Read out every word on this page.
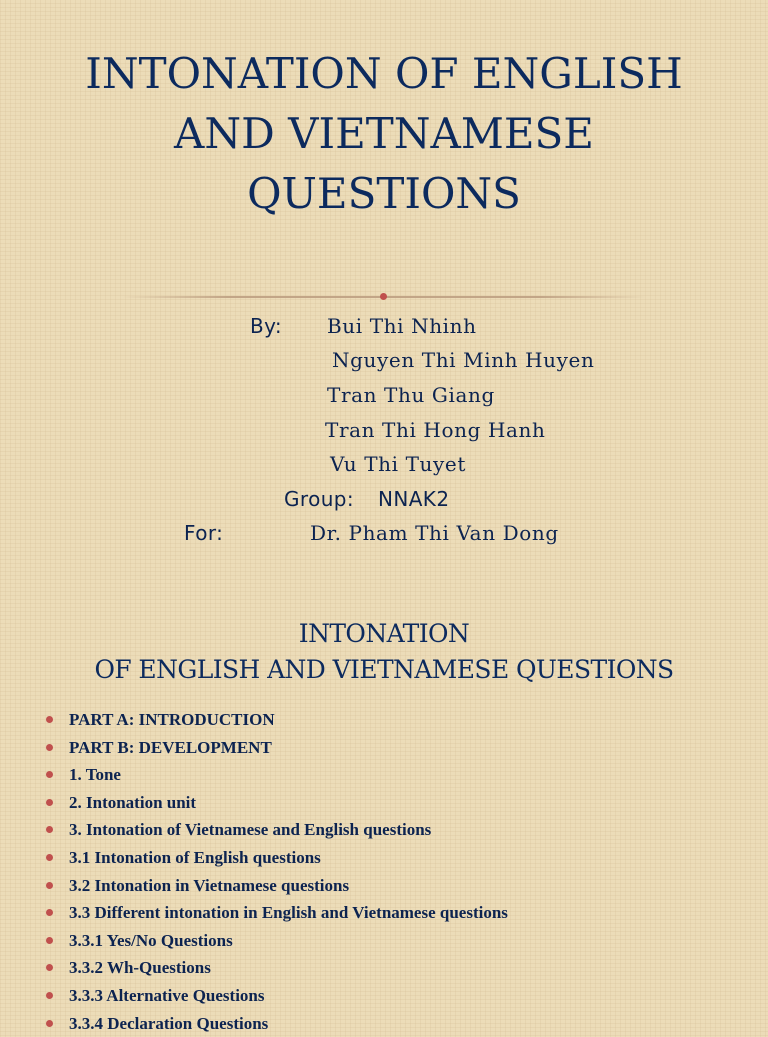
INTONATION OF ENGLISH
AND VIETNAMESE
QUESTIONS
By: Bui Thi Nhinh
Nguyen Thi Minh Huyen
Tran Thu Giang
Tran Thi Hong Hanh
Vu Thi Tuyet
Group: NNAK2
For:	Dr. Pham Thi Van Dong
INTONATION
OF ENGLISH AND VIETNAMESE QUESTIONS
PART A: INTRODUCTION
PART B: DEVELOPMENT
1. Tone
2. Intonation unit
3. Intonation of Vietnamese and English questions
3.1 Intonation of English questions
3.2 Intonation in Vietnamese questions
3.3 Different intonation in English and Vietnamese questions
3.3.1 Yes/No Questions
3.3.2 Wh-Questions
3.3.3 Alternative Questions
3.3.4 Declaration Questions
